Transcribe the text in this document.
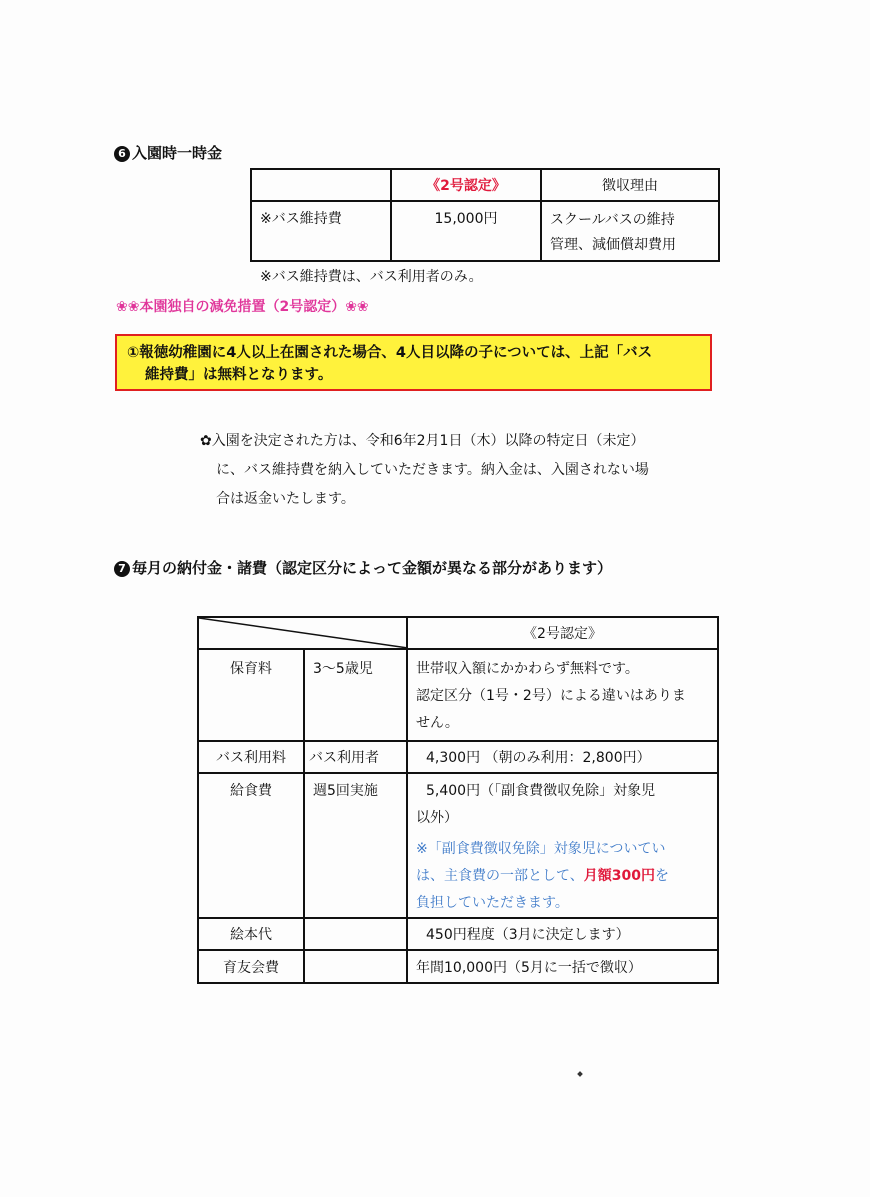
6 入園時一時金
	《2号認定》	徴収理由
※バス維持費	15,000円	スクールバスの維持
管理、減価償却費用
※バス維持費は、バス利用者のみ。
❀❀本園独自の減免措置（2号認定）❀❀
①報徳幼稚園に4人以上在園された場合、4人目以降の子については、上記「バス
維持費」は無料となります。
✿入園を決定された方は、令和6年2月1日（木）以降の特定日（未定）
に、バス維持費を納入していただきます。納入金は、入園されない場
合は返金いたします。
7 毎月の納付金・諸費（認定区分によって金額が異なる部分があります）
	《2号認定》
保育料	3〜5歳児	世帯収入額にかかわらず無料です。
認定区分（1号・2号）による違いはありま
せん。

バス利用料	バス利用者	4,300円 （朝のみ利用：2,800円）
給食費	週5回実施	5,400円（「副食費徴収免除」対象児
以外）
※「副食費徴収免除」対象児についてい
は、主食費の一部として、月額300円を
負担していただきます。

絵本代		450円程度（3月に決定します）
育友会費		年間10,000円（5月に一括で徴収）
